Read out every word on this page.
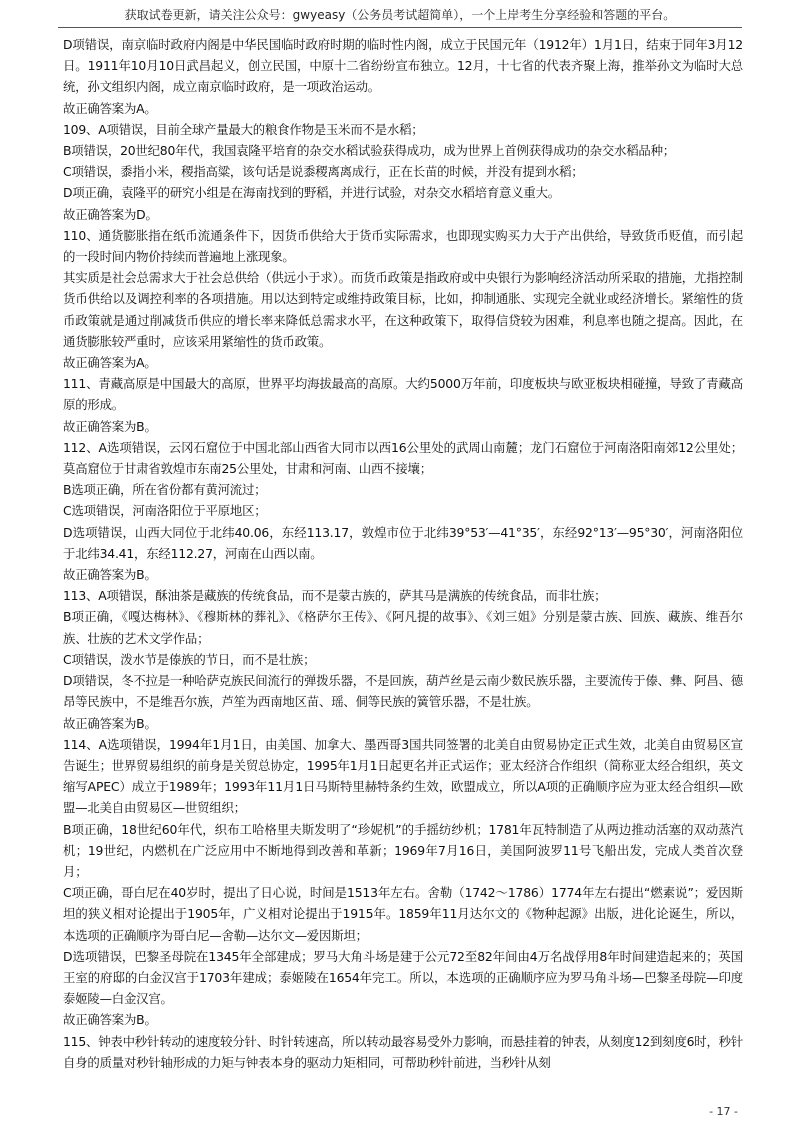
获取试卷更新，请关注公众号：gwyeasy（公务员考试超简单），一个上岸考生分享经验和答题的平台。

D项错误，南京临时政府内阁是中华民国临时政府时期的临时性内阁，成立于民国元年（1912年）1月1日，结束于同年3月12日。1911年10月10日武昌起义，创立民国，中原十二省纷纷宣布独立。12月，十七省的代表齐聚上海，推举孙文为临时大总统，孙文组织内阁，成立南京临时政府，是一项政治运动。

故正确答案为A。

109、A项错误，目前全球产量最大的粮食作物是玉米而不是水稻；

B项错误，20世纪80年代，我国袁隆平培育的杂交水稻试验获得成功，成为世界上首例获得成功的杂交水稻品种；

C项错误，黍指小米，稷指高粱，该句话是说黍稷离离成行，正在长苗的时候，并没有提到水稻；

D项正确，袁隆平的研究小组是在海南找到的野稻，并进行试验，对杂交水稻培育意义重大。

故正确答案为D。

110、通货膨胀指在纸币流通条件下，因货币供给大于货币实际需求，也即现实购买力大于产出供给，导致货币贬值，而引起的一段时间内物价持续而普遍地上涨现象。

其实质是社会总需求大于社会总供给（供远小于求）。而货币政策是指政府或中央银行为影响经济活动所采取的措施，尤指控制货币供给以及调控利率的各项措施。用以达到特定或维持政策目标，比如，抑制通胀、实现完全就业或经济增长。紧缩性的货币政策就是通过削减货币供应的增长率来降低总需求水平，在这种政策下，取得信贷较为困难，利息率也随之提高。因此，在通货膨胀较严重时，应该采用紧缩性的货币政策。

故正确答案为A。

111、青藏高原是中国最大的高原，世界平均海拔最高的高原。大约5000万年前，印度板块与欧亚板块相碰撞，导致了青藏高原的形成。

故正确答案为B。

112、A选项错误，云冈石窟位于中国北部山西省大同市以西16公里处的武周山南麓；龙门石窟位于河南洛阳南郊12公里处；莫高窟位于甘肃省敦煌市东南25公里处，甘肃和河南、山西不接壤；

B选项正确，所在省份都有黄河流过；

C选项错误，河南洛阳位于平原地区；

D选项错误，山西大同位于北纬40.06，东经113.17，敦煌市位于北纬39°53′—41°35′，东经92°13′—95°30′，河南洛阳位于北纬34.41，东经112.27，河南在山西以南。

故正确答案为B。

113、A项错误，酥油茶是藏族的传统食品，而不是蒙古族的，萨其马是满族的传统食品，而非壮族；

B项正确，《嘎达梅林》、《穆斯林的葬礼》、《格萨尔王传》、《阿凡提的故事》、《刘三姐》分别是蒙古族、回族、藏族、维吾尔族、壮族的艺术文学作品；

C项错误，泼水节是傣族的节日，而不是壮族；

D项错误，冬不拉是一种哈萨克族民间流行的弹拨乐器，不是回族，葫芦丝是云南少数民族乐器，主要流传于傣、彝、阿昌、德昂等民族中，不是维吾尔族，芦笙为西南地区苗、瑶、侗等民族的簧管乐器，不是壮族。

故正确答案为B。

114、A选项错误，1994年1月1日，由美国、加拿大、墨西哥3国共同签署的北美自由贸易协定正式生效，北美自由贸易区宣告诞生；世界贸易组织的前身是关贸总协定，1995年1月1日起更名并正式运作；亚太经济合作组织（简称亚太经合组织，英文缩写APEC）成立于1989年；1993年11月1日马斯特里赫特条约生效，欧盟成立，所以A项的正确顺序应为亚太经合组织—欧盟—北美自由贸易区—世贸组织；

B项正确，18世纪60年代，织布工哈格里夫斯发明了“珍妮机”的手摇纺纱机；1781年瓦特制造了从两边推动活塞的双动蒸汽机；19世纪，内燃机在广泛应用中不断地得到改善和革新；1969年7月16日，美国阿波罗11号飞船出发，完成人类首次登月；

C项正确，哥白尼在40岁时，提出了日心说，时间是1513年左右。舍勒（1742～1786）1774年左右提出“燃素说”；爱因斯坦的狭义相对论提出于1905年，广义相对论提出于1915年。1859年11月达尔文的《物种起源》出版，进化论诞生，所以，本选项的正确顺序为哥白尼—舍勒—达尔文—爱因斯坦；

D选项错误，巴黎圣母院在1345年全部建成；罗马大角斗场是建于公元72至82年间由4万名战俘用8年时间建造起来的；英国王室的府邸的白金汉宫于1703年建成；泰姬陵在1654年完工。所以，本选项的正确顺序应为罗马角斗场—巴黎圣母院—印度泰姬陵—白金汉宫。

故正确答案为B。

115、钟表中秒针转动的速度较分针、时针转速高，所以转动最容易受外力影响，而悬挂着的钟表，从刻度12到刻度6时，秒针自身的质量对秒针轴形成的力矩与钟表本身的驱动力矩相同，可帮助秒针前进，当秒针从刻

- 17 -
